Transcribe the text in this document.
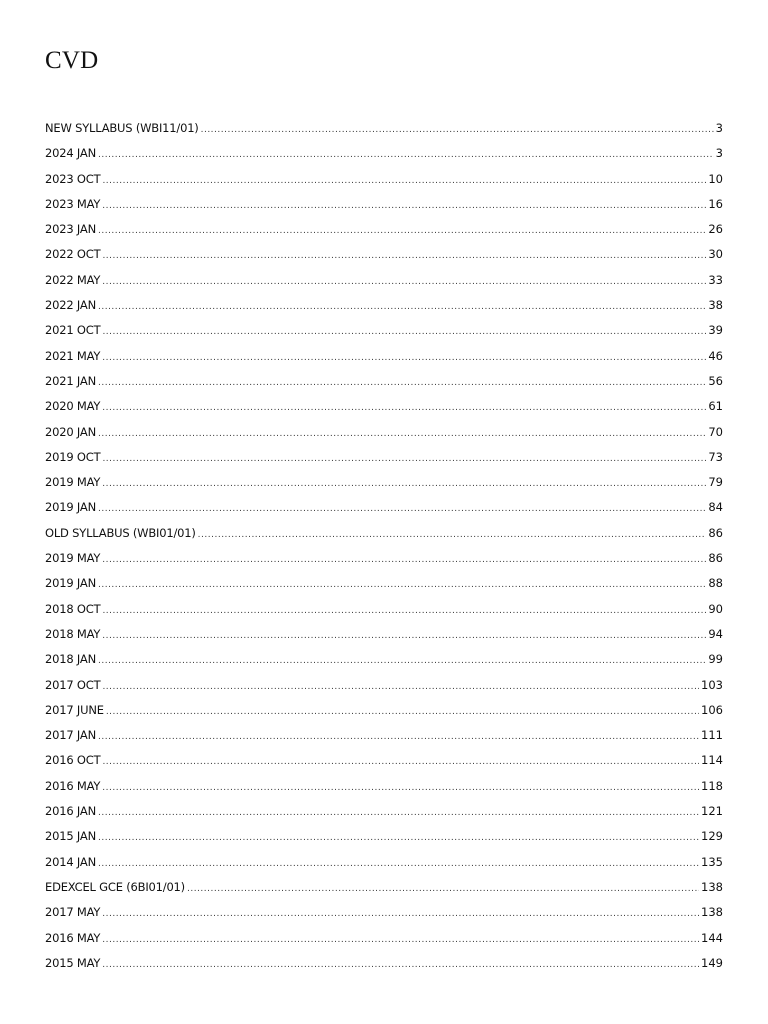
CVD
NEW SYLLABUS (WBI11/01) .....	3
2024 JAN .....	3
2023 OCT .....	10
2023 MAY .....	16
2023 JAN .....	26
2022 OCT .....	30
2022 MAY .....	33
2022 JAN .....	38
2021 OCT .....	39
2021 MAY .....	46
2021 JAN .....	56
2020 MAY .....	61
2020 JAN .....	70
2019 OCT .....	73
2019 MAY .....	79
2019 JAN .....	84
OLD SYLLABUS (WBI01/01) .....	86
2019 MAY .....	86
2019 JAN .....	88
2018 OCT .....	90
2018 MAY .....	94
2018 JAN .....	99
2017 OCT .....	103
2017 JUNE .....	106
2017 JAN .....	111
2016 OCT .....	114
2016 MAY .....	118
2016 JAN .....	121
2015 JAN .....	129
2014 JAN .....	135
EDEXCEL GCE (6BI01/01) .....	138
2017 MAY .....	138
2016 MAY .....	144
2015 MAY .....	149
